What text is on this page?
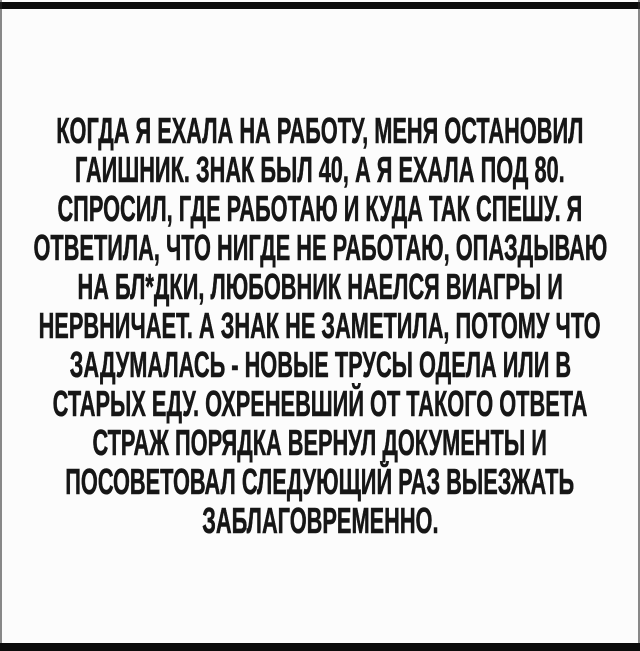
КОГДА Я ЕХАЛА НА РАБОТУ, МЕНЯ ОСТАНОВИЛ
ГАИШНИК. ЗНАК БЫЛ 40, А Я ЕХАЛА ПОД 80.
СПРОСИЛ, ГДЕ РАБОТАЮ И КУДА ТАК СПЕШУ. Я
ОТВЕТИЛА, ЧТО НИГДЕ НЕ РАБОТАЮ, ОПАЗДЫВАЮ
НА БЛ*ДКИ, ЛЮБОВНИК НАЕЛСЯ ВИАГРЫ И
НЕРВНИЧАЕТ. А ЗНАК НЕ ЗАМЕТИЛА, ПОТОМУ ЧТО
ЗАДУМАЛАСЬ - НОВЫЕ ТРУСЫ ОДЕЛА ИЛИ В
СТАРЫХ ЕДУ. ОХРЕНЕВШИЙ ОТ ТАКОГО ОТВЕТА
СТРАЖ ПОРЯДКА ВЕРНУЛ ДОКУМЕНТЫ И
ПОСОВЕТОВАЛ СЛЕДУЮЩИЙ РАЗ ВЫЕЗЖАТЬ
ЗАБЛАГОВРЕМЕННО.
